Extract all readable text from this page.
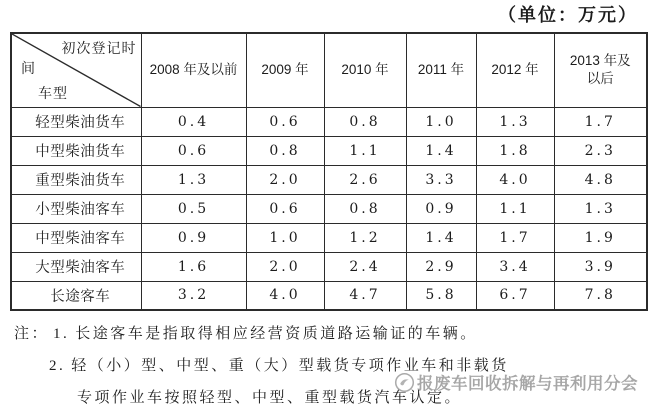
（单位：万元）
初次登记时
间
车型	2008 年及以前	2009 年	2010 年	2011 年	2012 年	2013 年及
以后

轻型柴油货车	0.4	0.6	0.8	1.0	1.3	1.7
中型柴油货车	0.6	0.8	1.1	1.4	1.8	2.3
重型柴油货车	1.3	2.0	2.6	3.3	4.0	4.8
小型柴油客车	0.5	0.6	0.8	0.9	1.1	1.3
中型柴油客车	0.9	1.0	1.2	1.4	1.7	1.9
大型柴油客车	1.6	2.0	2.4	2.9	3.4	3.9
长途客车	3.2	4.0	4.7	5.8	6.7	7.8
注： 1. 长途客车是指取得相应经营资质道路运输证的车辆。
2. 轻（小）型、中型、重（大）型载货专项作业车和非载货
专项作业车按照轻型、中型、重型载货汽车认定。
报废车回收拆解与再利用分会
